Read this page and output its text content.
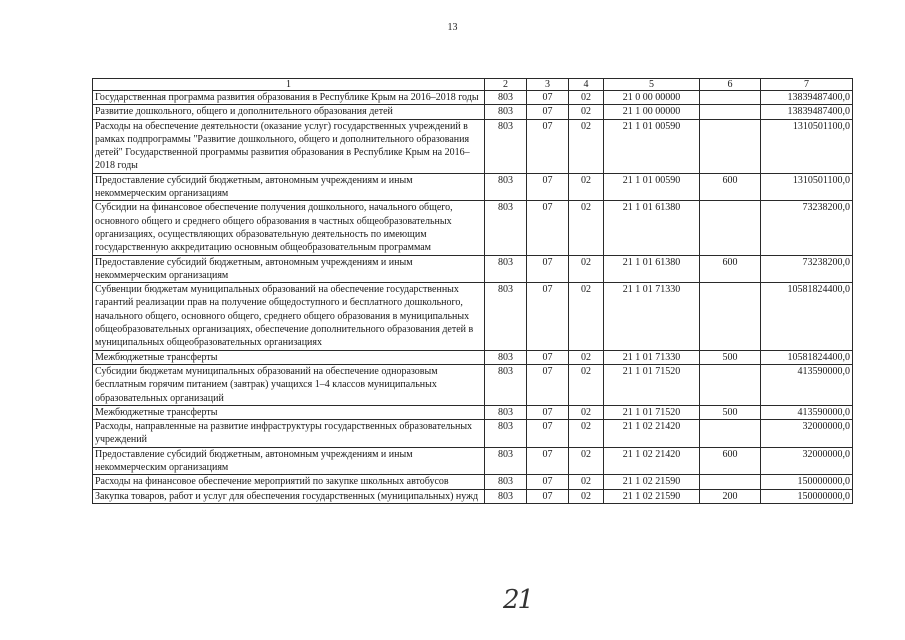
13
1	2	3	4	5	6	7
Государственная программа развития образования в Республике Крым на 2016–2018 годы	803	07	02	21 0 00 00000		13839487400,0
Развитие дошкольного, общего и дополнительного образования детей	803	07	02	21 1 00 00000		13839487400,0
Расходы на обеспечение деятельности (оказание услуг) государственных учреждений в рамках подпрограммы "Развитие дошкольного, общего и дополнительного образования детей" Государственной программы развития образования в Республике Крым на 2016–2018 годы	803	07	02	21 1 01 00590		1310501100,0
Предоставление субсидий бюджетным, автономным учреждениям и иным некоммерческим организациям	803	07	02	21 1 01 00590	600	1310501100,0
Субсидии на финансовое обеспечение получения дошкольного, начального общего, основного общего и среднего общего образования в частных общеобразовательных организациях, осуществляющих образовательную деятельность по имеющим государственную аккредитацию основным общеобразовательным программам	803	07	02	21 1 01 61380		73238200,0
Предоставление субсидий бюджетным, автономным учреждениям и иным некоммерческим организациям	803	07	02	21 1 01 61380	600	73238200,0
Субвенции бюджетам муниципальных образований на обеспечение государственных гарантий реализации прав на получение общедоступного и бесплатного дошкольного, начального общего, основного общего, среднего общего образования в муниципальных общеобразовательных организациях, обеспечение дополнительного образования детей в муниципальных общеобразовательных организациях	803	07	02	21 1 01 71330		10581824400,0
Межбюджетные трансферты	803	07	02	21 1 01 71330	500	10581824400,0
Субсидии бюджетам муниципальных образований на обеспечение одноразовым бесплатным горячим питанием (завтрак) учащихся 1–4 классов муниципальных образовательных организаций	803	07	02	21 1 01 71520		413590000,0
Межбюджетные трансферты	803	07	02	21 1 01 71520	500	413590000,0
Расходы, направленные на развитие инфраструктуры государственных образовательных учреждений	803	07	02	21 1 02 21420		32000000,0
Предоставление субсидий бюджетным, автономным учреждениям и иным некоммерческим организациям	803	07	02	21 1 02 21420	600	32000000,0
Расходы на финансовое обеспечение мероприятий по закупке школьных автобусов	803	07	02	21 1 02 21590		150000000,0
Закупка товаров, работ и услуг для обеспечения государственных (муниципальных) нужд	803	07	02	21 1 02 21590	200	150000000,0
21
